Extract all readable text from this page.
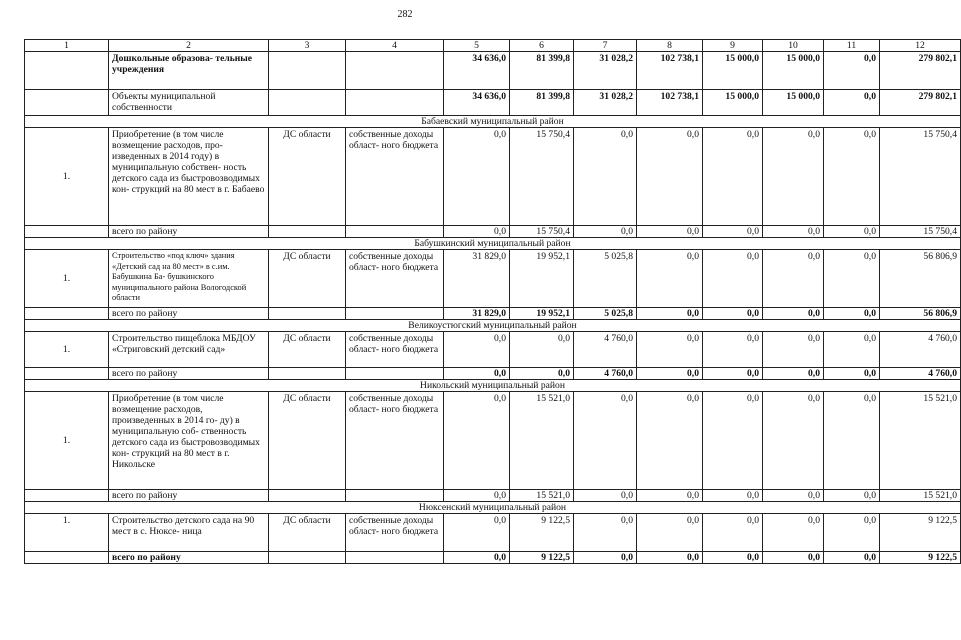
282
1	2	3	4	5	6	7	8	9	10	11	12
	Дошкольные образова- тельные учреждения			34 636,0	81 399,8	31 028,2	102 738,1	15 000,0	15 000,0	0,0	279 802,1
	Объекты муниципальной собственности			34 636,0	81 399,8	31 028,2	102 738,1	15 000,0	15 000,0	0,0	279 802,1
Бабаевский муниципальный район											
1.	Приобретение (в том числе возмещение расходов, про- изведенных в 2014 году) в муниципальную собствен- ность детского сада из быстровозводимых кон- струкций на 80 мест в г. Бабаево	ДС области	собственные доходы област- ного бюджета	0,0	15 750,4	0,0	0,0	0,0	0,0	0,0	15 750,4
	всего по району			0,0	15 750,4	0,0	0,0	0,0	0,0	0,0	15 750,4
Бабушкинский муниципальный район											
1.	Строительство «под ключ» здания «Детский сад на 80 мест» в с.им. Бабушкина Ба- бушкинского муниципального района Вологодской области	ДС области	собственные доходы област- ного бюджета	31 829,0	19 952,1	5 025,8	0,0	0,0	0,0	0,0	56 806,9
	всего по району			31 829,0	19 952,1	5 025,8	0,0	0,0	0,0	0,0	56 806,9
Великоустюгский муниципальный район											
1.	Строительство пищеблока МБДОУ «Стриговский детский сад»	ДС области	собственные доходы област- ного бюджета	0,0	0,0	4 760,0	0,0	0,0	0,0	0,0	4 760,0
	всего по району			0,0	0,0	4 760,0	0,0	0,0	0,0	0,0	4 760,0
Никольский муниципальный район											
1.	Приобретение (в том числе возмещение расходов, произведенных в 2014 го- ду) в муниципальную соб- ственность детского сада из быстровозводимых кон- струкций на 80 мест в г. Никольске	ДС области	собственные доходы област- ного бюджета	0,0	15 521,0	0,0	0,0	0,0	0,0	0,0	15 521,0
	всего по району			0,0	15 521,0	0,0	0,0	0,0	0,0	0,0	15 521,0
Нюксенский муниципальный район											
1.	Строительство детского сада на 90 мест в с. Нюксе- ница	ДС области	собственные доходы област- ного бюджета	0,0	9 122,5	0,0	0,0	0,0	0,0	0,0	9 122,5
	всего по району			0,0	9 122,5	0,0	0,0	0,0	0,0	0,0	9 122,5
